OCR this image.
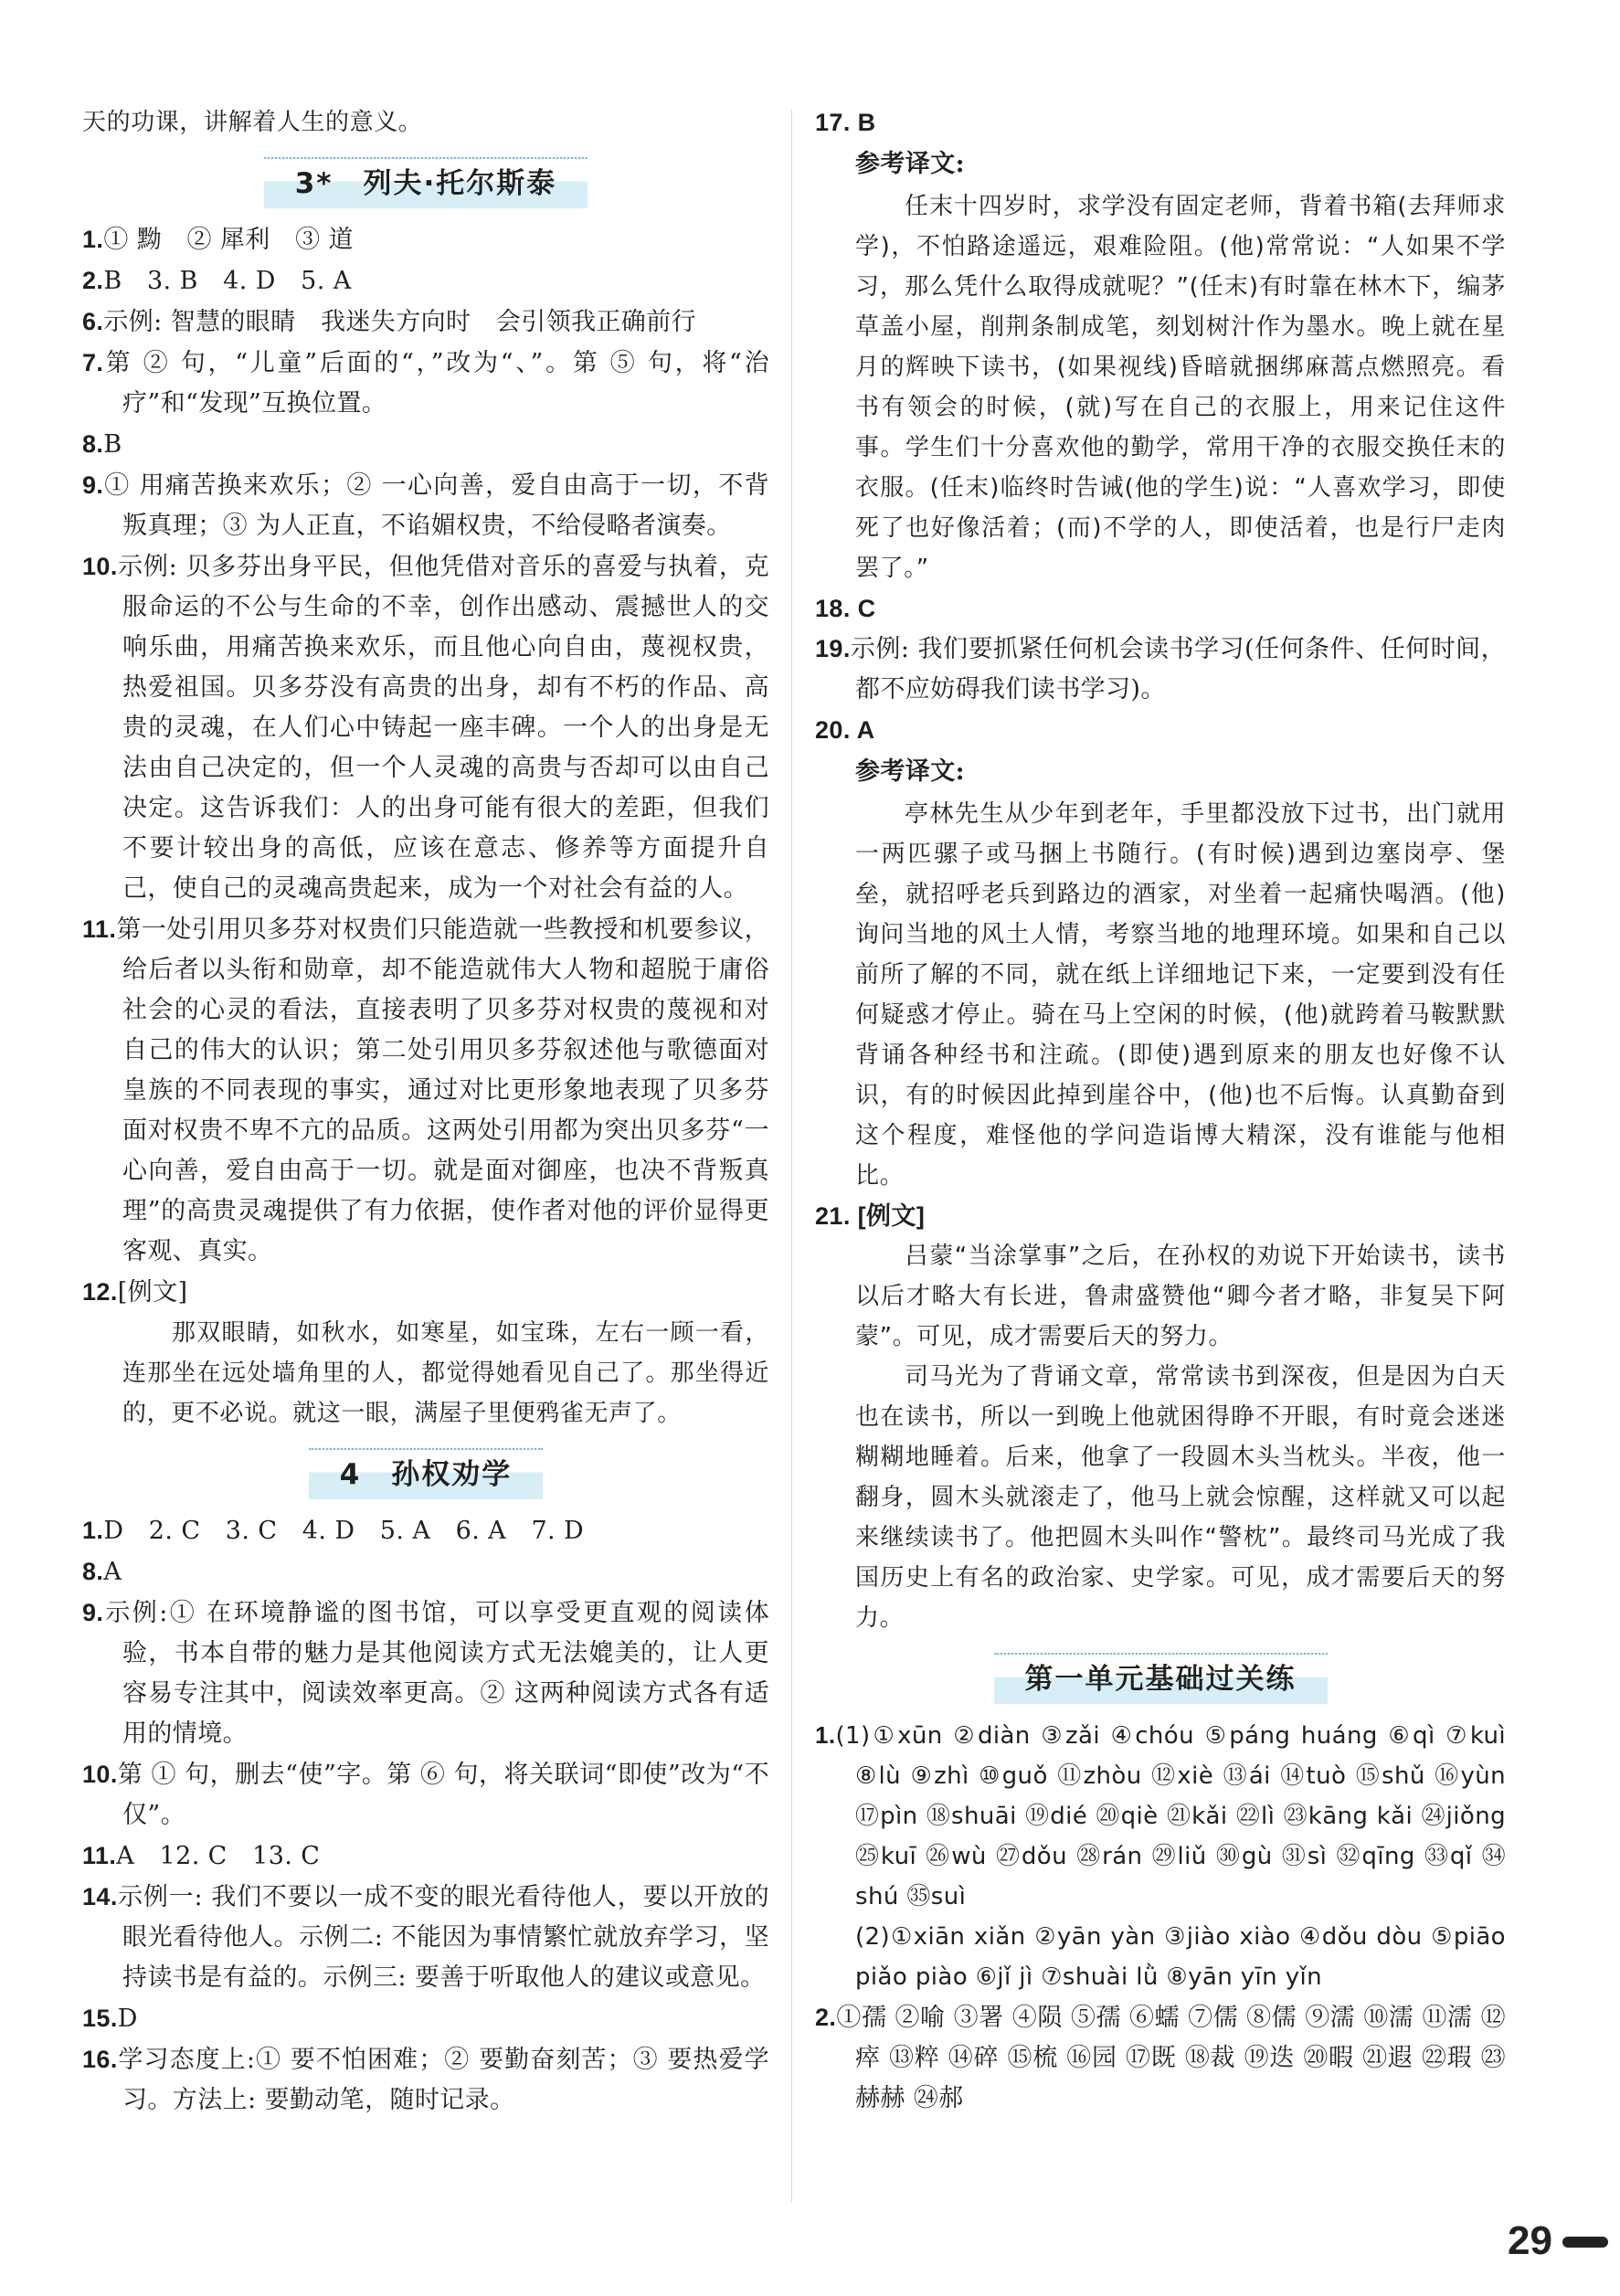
天的功课，讲解着人生的意义。

3*　列夫·托尔斯泰

1.① 黝　② 犀利　③ 道

2.B　3. B　4. D　5. A

6.示例: 智慧的眼睛　我迷失方向时　会引领我正确前行

7.第 ② 句，“儿童”后面的“，”改为“、”。第 ⑤ 句，将“治疗”和“发现”互换位置。

8.B

9.① 用痛苦换来欢乐；② 一心向善，爱自由高于一切，不背叛真理；③ 为人正直，不谄媚权贵，不给侵略者演奏。

10.示例: 贝多芬出身平民，但他凭借对音乐的喜爱与执着，克服命运的不公与生命的不幸，创作出感动、震撼世人的交响乐曲，用痛苦换来欢乐，而且他心向自由，蔑视权贵，热爱祖国。贝多芬没有高贵的出身，却有不朽的作品、高贵的灵魂，在人们心中铸起一座丰碑。一个人的出身是无法由自己决定的，但一个人灵魂的高贵与否却可以由自己决定。这告诉我们：人的出身可能有很大的差距，但我们不要计较出身的高低，应该在意志、修养等方面提升自己，使自己的灵魂高贵起来，成为一个对社会有益的人。

11.第一处引用贝多芬对权贵们只能造就一些教授和机要参议，给后者以头衔和勋章，却不能造就伟大人物和超脱于庸俗社会的心灵的看法，直接表明了贝多芬对权贵的蔑视和对自己的伟大的认识；第二处引用贝多芬叙述他与歌德面对皇族的不同表现的事实，通过对比更形象地表现了贝多芬面对权贵不卑不亢的品质。这两处引用都为突出贝多芬“一心向善，爱自由高于一切。就是面对御座，也决不背叛真理”的高贵灵魂提供了有力依据，使作者对他的评价显得更客观、真实。

12.[例文]

那双眼睛，如秋水，如寒星，如宝珠，左右一顾一看，连那坐在远处墙角里的人，都觉得她看见自己了。那坐得近的，更不必说。就这一眼，满屋子里便鸦雀无声了。

4　孙权劝学

1.D　2. C　3. C　4. D　5. A　6. A　7. D

8.A

9.示例:① 在环境静谧的图书馆，可以享受更直观的阅读体验，书本自带的魅力是其他阅读方式无法媲美的，让人更容易专注其中，阅读效率更高。② 这两种阅读方式各有适用的情境。

10.第 ① 句，删去“使”字。第 ⑥ 句，将关联词“即使”改为“不仅”。

11.A　12. C　13. C

14.示例一: 我们不要以一成不变的眼光看待他人，要以开放的眼光看待他人。示例二: 不能因为事情繁忙就放弃学习，坚持读书是有益的。示例三: 要善于听取他人的建议或意见。

15.D

16.学习态度上:① 要不怕困难；② 要勤奋刻苦；③ 要热爱学习。方法上: 要勤动笔，随时记录。

17. B

参考译文:

任末十四岁时，求学没有固定老师，背着书箱(去拜师求学)，不怕路途遥远，艰难险阻。(他)常常说：“人如果不学习，那么凭什么取得成就呢？”(任末)有时靠在林木下，编茅草盖小屋，削荆条制成笔，刻划树汁作为墨水。晚上就在星月的辉映下读书，(如果视线)昏暗就捆绑麻蒿点燃照亮。看书有领会的时候，(就)写在自己的衣服上，用来记住这件事。学生们十分喜欢他的勤学，常用干净的衣服交换任末的衣服。(任末)临终时告诫(他的学生)说：“人喜欢学习，即使死了也好像活着；(而)不学的人，即使活着，也是行尸走肉罢了。”

18. C

19.示例: 我们要抓紧任何机会读书学习(任何条件、任何时间，都不应妨碍我们读书学习)。

20. A

参考译文:

亭林先生从少年到老年，手里都没放下过书，出门就用一两匹骡子或马捆上书随行。(有时候)遇到边塞岗亭、堡垒，就招呼老兵到路边的酒家，对坐着一起痛快喝酒。(他)询问当地的风土人情，考察当地的地理环境。如果和自己以前所了解的不同，就在纸上详细地记下来，一定要到没有任何疑惑才停止。骑在马上空闲的时候，(他)就跨着马鞍默默背诵各种经书和注疏。(即使)遇到原来的朋友也好像不认识，有的时候因此掉到崖谷中，(他)也不后悔。认真勤奋到这个程度，难怪他的学问造诣博大精深，没有谁能与他相比。

21. [例文]

吕蒙“当涂掌事”之后，在孙权的劝说下开始读书，读书以后才略大有长进，鲁肃盛赞他“卿今者才略，非复吴下阿蒙”。可见，成才需要后天的努力。

司马光为了背诵文章，常常读书到深夜，但是因为白天也在读书，所以一到晚上他就困得睁不开眼，有时竟会迷迷糊糊地睡着。后来，他拿了一段圆木头当枕头。半夜，他一翻身，圆木头就滚走了，他马上就会惊醒，这样就又可以起来继续读书了。他把圆木头叫作“警枕”。最终司马光成了我国历史上有名的政治家、史学家。可见，成才需要后天的努力。

第一单元基础过关练

1.(1)①xūn ②diàn ③zǎi ④chóu ⑤páng huáng ⑥qì ⑦kuì ⑧lù ⑨zhì ⑩guǒ ⑪zhòu ⑫xiè ⑬ái ⑭tuò ⑮shǔ ⑯yùn ⑰pìn ⑱shuāi ⑲dié ⑳qiè ㉑kǎi ㉒lì ㉓kāng kǎi ㉔jiǒng ㉕kuī ㉖wù ㉗dǒu ㉘rán ㉙liǔ ㉚gù ㉛sì ㉜qīng ㉝qǐ ㉞shú ㉟suì

(2)①xiān xiǎn ②yān yàn ③jiào xiào ④dǒu dòu ⑤piāo piǎo piào ⑥jǐ jì ⑦shuài lǜ ⑧yān yīn yǐn

2.①孺 ②喻 ③署 ④陨 ⑤孺 ⑥蠕 ⑦儒 ⑧儒 ⑨濡 ⑩濡 ⑪濡 ⑫瘁 ⑬粹 ⑭碎 ⑮梳 ⑯园 ⑰既 ⑱裁 ⑲迭 ⑳暇 ㉑遐 ㉒瑕 ㉓赫赫 ㉔郝

29
